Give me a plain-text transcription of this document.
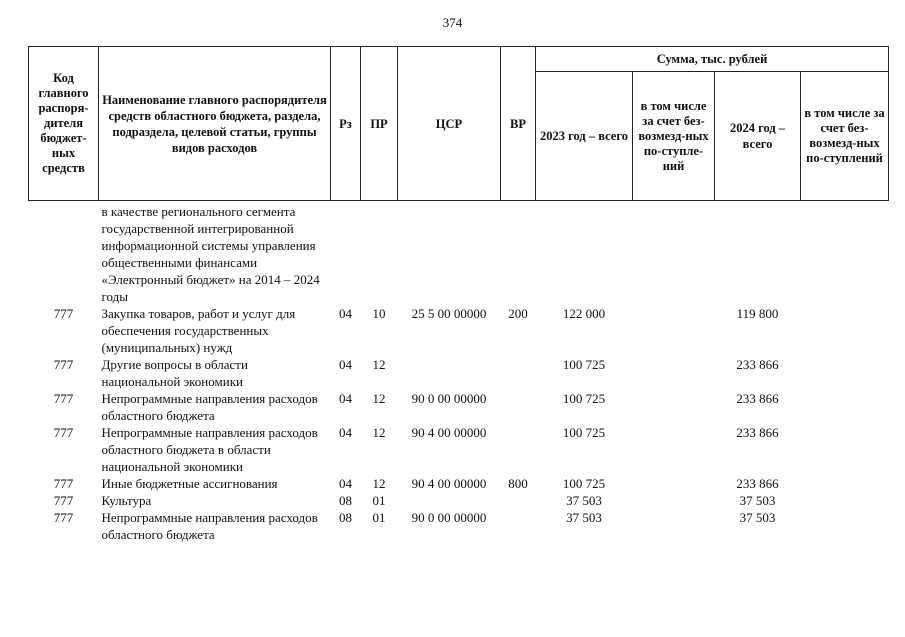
374
Код главного распоря-дителя бюджет-ных средств	Наименование главного распорядителя средств областного бюджета, раздела, подраздела, целевой статьи, группы видов расходов	Рз	ПР	ЦСР	ВР	Сумма, тыс. рублей			
						2023 год – всего	в том числе за счет без-возмезд-ных по-ступле-ний	2024 год – всего	в том числе за счет без-возмезд-ных по-ступлений
	в качестве регионального сегмента государственной интегрированной информационной системы управления общественными финансами «Электронный бюджет» на 2014 – 2024 годы								
777	Закупка товаров, работ и услуг для обеспечения государственных (муниципальных) нужд	04	10	25 5 00 00000	200	122 000		119 800	
777	Другие вопросы в области национальной экономики	04	12			100 725		233 866	
777	Непрограммные направления расходов областного бюджета	04	12	90 0 00 00000		100 725		233 866	
777	Непрограммные направления расходов областного бюджета в области национальной экономики	04	12	90 4 00 00000		100 725		233 866	
777	Иные бюджетные ассигнования	04	12	90 4 00 00000	800	100 725		233 866	
777	Культура	08	01			37 503		37 503	
777	Непрограммные направления расходов областного бюджета	08	01	90 0 00 00000		37 503		37 503	
